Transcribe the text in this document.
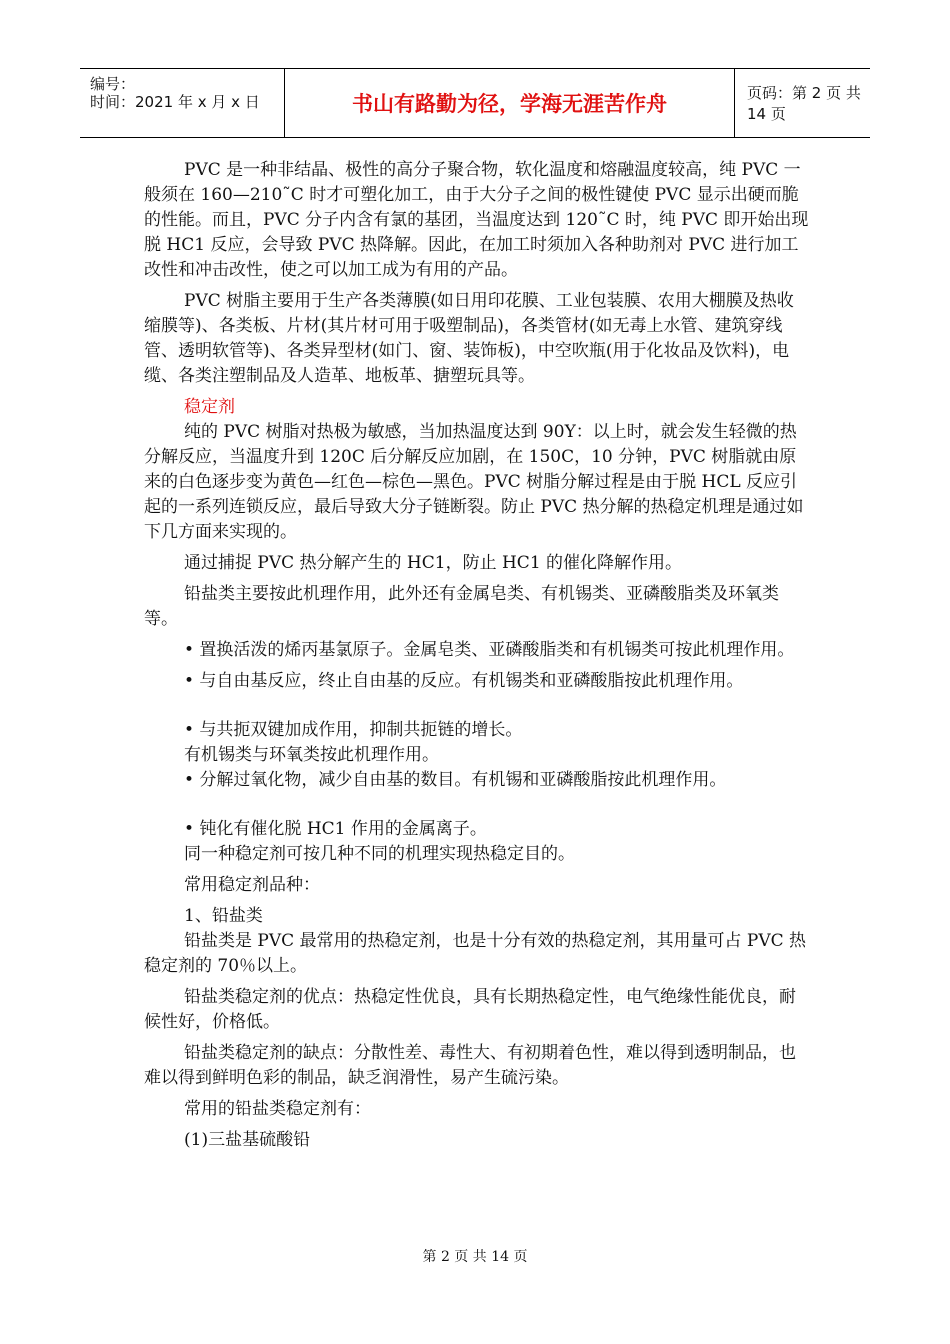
编号：
时间：2021 年 x 月 x 日	书山有路勤为径，学海无涯苦作舟	页码：第 2 页 共 14 页

PVC 是一种非结晶、极性的高分子聚合物，软化温度和熔融温度较高，纯 PVC 一般须在 160—210˜C 时才可塑化加工，由于大分子之间的极性键使 PVC 显示出硬而脆的性能。而且，PVC 分子内含有氯的基团，当温度达到 120˜C 时，纯 PVC 即开始出现脱 HC1 反应，会导致 PVC 热降解。因此，在加工时须加入各种助剂对 PVC 进行加工改性和冲击改性，使之可以加工成为有用的产品。

PVC 树脂主要用于生产各类薄膜(如日用印花膜、工业包装膜、农用大棚膜及热收缩膜等)、各类板、片材(其片材可用于吸塑制品)，各类管材(如无毒上水管、建筑穿线管、透明软管等)、各类异型材(如门、窗、装饰板)，中空吹瓶(用于化妆品及饮料)，电缆、各类注塑制品及人造革、地板革、搪塑玩具等。

稳定剂

纯的 PVC 树脂对热极为敏感，当加热温度达到 90Y：以上时，就会发生轻微的热分解反应，当温度升到 120C 后分解反应加剧，在 150C，10 分钟，PVC 树脂就由原来的白色逐步变为黄色—红色—棕色—黑色。PVC 树脂分解过程是由于脱 HCL 反应引起的一系列连锁反应，最后导致大分子链断裂。防止 PVC 热分解的热稳定机理是通过如下几方面来实现的。

通过捕捉 PVC 热分解产生的 HC1，防止 HC1 的催化降解作用。

铅盐类主要按此机理作用，此外还有金属皂类、有机锡类、亚磷酸脂类及环氧类等。

• 置换活泼的烯丙基氯原子。金属皂类、亚磷酸脂类和有机锡类可按此机理作用。

• 与自由基反应，终止自由基的反应。有机锡类和亚磷酸脂按此机理作用。

• 与共扼双键加成作用，抑制共扼链的增长。

有机锡类与环氧类按此机理作用。

• 分解过氧化物，减少自由基的数目。有机锡和亚磷酸脂按此机理作用。

• 钝化有催化脱 HC1 作用的金属离子。

同一种稳定剂可按几种不同的机理实现热稳定目的。

常用稳定剂品种：

1、铅盐类

铅盐类是 PVC 最常用的热稳定剂，也是十分有效的热稳定剂，其用量可占 PVC 热稳定剂的 70％以上。

铅盐类稳定剂的优点：热稳定性优良，具有长期热稳定性，电气绝缘性能优良，耐候性好，价格低。

铅盐类稳定剂的缺点：分散性差、毒性大、有初期着色性，难以得到透明制品，也难以得到鲜明色彩的制品，缺乏润滑性，易产生硫污染。

常用的铅盐类稳定剂有：

(1)三盐基硫酸铅

第 2 页 共 14 页
